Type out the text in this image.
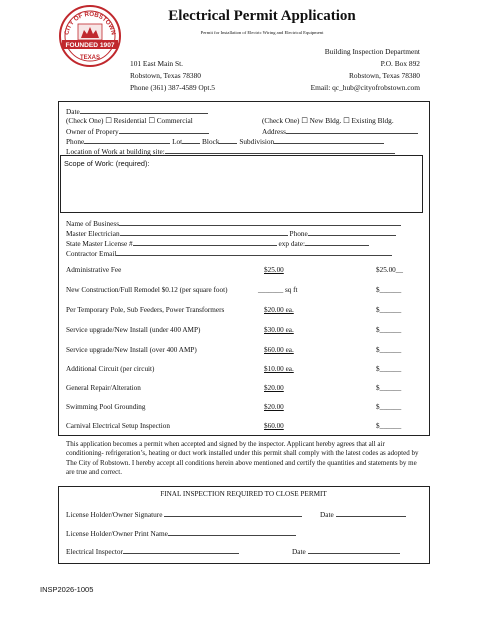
CITY OF ROBSTOWN
FOUNDED 1907
TEXAS
Electrical Permit Application
Permit for Installation of Electric Wiring and Electrical Equipment
101 East Main St.
Robstown, Texas 78380
Phone (361) 387-4589 Opt.5
Building Inspection Department
P.O. Box 892
Robstown, Texas 78380
Email: qc_hub@cityofrobstown.com
Date
(Check One) ☐ Residential ☐ Commercial	(Check One) ☐ New Bldg. ☐ Existing Bldg.
Owner of Propery	Address
Phone	Lot	Block	Subdivision
Location of Work at building site:
Scope of Work: (required):
Name of Business
Master Electrician	Phone
State Master License #	exp date:
Contractor Email
Administrative Fee	$25.00	$25.00__
New Construction/Full Remodel $0.12 (per square foot)	_______ sq ft	$______
Per Temporary Pole, Sub Feeders, Power Transformers	$20.00 ea.	$______
Service upgrade/New Install (under 400 AMP)	$30.00 ea.	$______
Service upgrade/New Install (over 400 AMP)	$60.00 ea.	$______
Additional Circuit (per circuit)	$10.00 ea.	$______
General Repair/Alteration	$20.00	$______
Swimming Pool Grounding	$20.00	$______
Carnival Electrical Setup Inspection	$60.00	$______
This application becomes a permit when accepted and signed by the inspector. Applicant hereby agrees that all air conditioning- refrigeration’s, heating or duct work installed under this permit shall comply with the latest codes as adopted by The City of Robstown. I hereby accept all conditions herein above mentioned and certify the quantities and statements by me are true and correct.
FINAL INSPECTION REQUIRED TO CLOSE PERMIT
License Holder/Owner Signature	Date
License Holder/Owner Print Name
Electrical Inspector	Date
INSP2026-1005
